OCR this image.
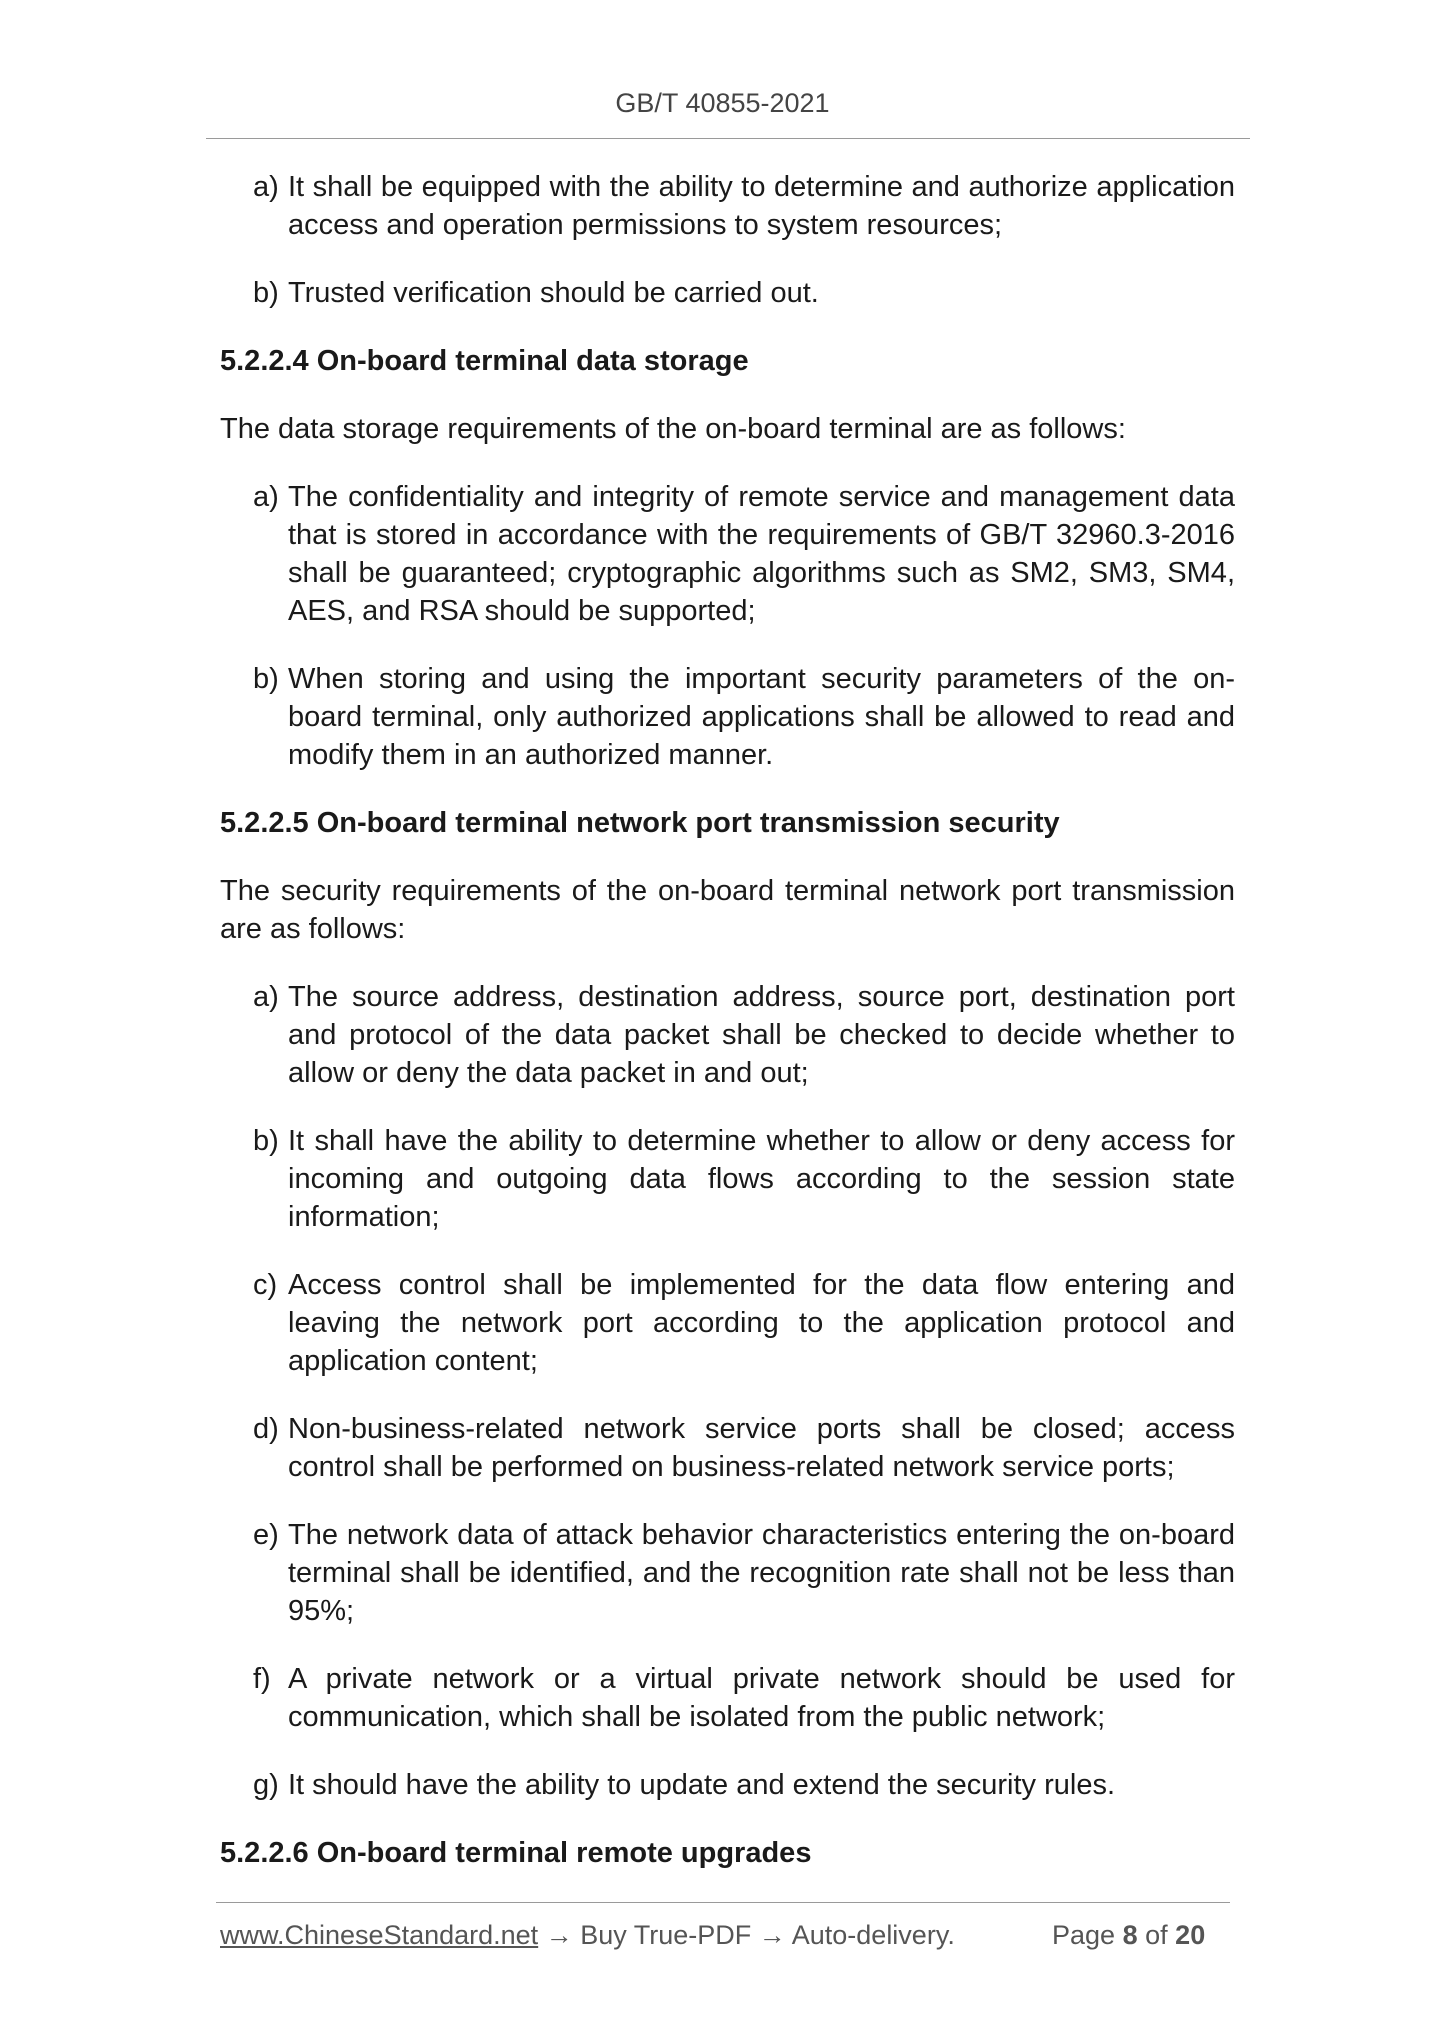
GB/T 40855-2021
a) It shall be equipped with the ability to determine and authorize application access and operation permissions to system resources;
b) Trusted verification should be carried out.

5.2.2.4 On-board terminal data storage

The data storage requirements of the on-board terminal are as follows:

a) The confidentiality and integrity of remote service and management data that is stored in accordance with the requirements of GB/T 32960.3-2016 shall be guaranteed; cryptographic algorithms such as SM2, SM3, SM4, AES, and RSA should be supported;
b) When storing and using the important security parameters of the on-board terminal, only authorized applications shall be allowed to read and modify them in an authorized manner.

5.2.2.5 On-board terminal network port transmission security

The security requirements of the on-board terminal network port transmission are as follows:

a) The source address, destination address, source port, destination port and protocol of the data packet shall be checked to decide whether to allow or deny the data packet in and out;
b) It shall have the ability to determine whether to allow or deny access for incoming and outgoing data flows according to the session state information;
c) Access control shall be implemented for the data flow entering and leaving the network port according to the application protocol and application content;
d) Non-business-related network service ports shall be closed; access control shall be performed on business-related network service ports;
e) The network data of attack behavior characteristics entering the on-board terminal shall be identified, and the recognition rate shall not be less than 95%;
f) A private network or a virtual private network should be used for communication, which shall be isolated from the public network;
g) It should have the ability to update and extend the security rules.

5.2.2.6 On-board terminal remote upgrades

www.ChineseStandard.net → Buy True-PDF → Auto-delivery.	Page 8 of 20
